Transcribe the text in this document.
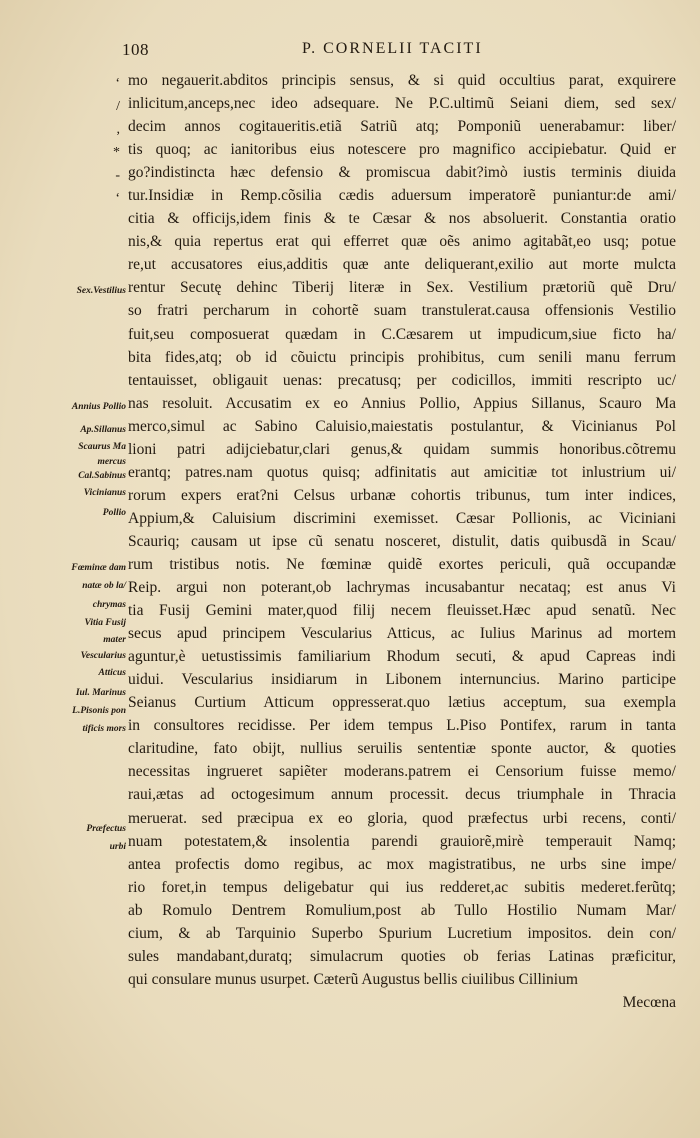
108	P. CORNELII TACITI
ʻ
/
,
*
-
ʻ
Sex.Vestilius
Annius Pollio
Ap.Sillanus
Scaurus Ma
mercus
Cal.Sabinus
Vicinianus
Pollio
Fœminæ dam
natæ ob la/
chrymas
Vitia Fusij
mater
Vescularius
Atticus
Iul. Marinus
L.Pisonis pon
tificis mors
Præfectus
urbi
mo negauerit.abditos principis sensus, & si quid occultius parat, exquirere
inlicitum,anceps,nec ideo adsequare. Ne P.C.ultimũ Seiani diem, sed sex/
decim annos cogitaueritis.etiã Satriũ atq; Pomponiũ uenerabamur: liber/
tis quoq; ac ianitoribus eius notescere pro magnifico accipiebatur. Quid er
go?indistincta hæc defensio & promiscua dabit?imò iustis terminis diuida
tur.Insidiæ in Remp.cõsilia cædis aduersum imperatorẽ puniantur:de ami/
citia & officijs,idem finis & te Cæsar & nos absoluerit. Constantia oratio
nis,& quia repertus erat qui efferret quæ oẽs animo agitabãt,eo usq; potue
re,ut accusatores eius,additis quæ ante deliquerant,exilio aut morte mulcta
rentur Secutę dehinc Tiberij literæ in Sex. Vestilium prætoriũ quẽ Dru/
so fratri percharum in cohortẽ suam transtulerat.causa offensionis Vestilio
fuit,seu composuerat quædam in C.Cæsarem ut impudicum,siue ficto ha/
bita fides,atq; ob id cõuictu principis prohibitus, cum senili manu ferrum
tentauisset, obligauit uenas: precatusq; per codicillos, immiti rescripto uc/
nas resoluit. Accusatim ex eo Annius Pollio, Appius Sillanus, Scauro Ma
merco,simul ac Sabino Caluisio,maiestatis postulantur, & Vicinianus Pol
lioni patri adijciebatur,clari genus,& quidam summis honoribus.cõtremu
erantq; patres.nam quotus quisq; adfinitatis aut amicitiæ tot inlustrium ui/
rorum expers erat?ni Celsus urbanæ cohortis tribunus, tum inter indices,
Appium,& Caluisium discrimini exemisset. Cæsar Pollionis, ac Viciniani
Scauriq; causam ut ipse cũ senatu nosceret, distulit, datis quibusdã in Scau/
rum tristibus notis. Ne fœminæ quidẽ exortes periculi, quã occupandæ
Reip. argui non poterant,ob lachrymas incusabantur necataq; est anus Vi
tia Fusij Gemini mater,quod filij necem fleuisset.Hæc apud senatũ. Nec
secus apud principem Vescularius Atticus, ac Iulius Marinus ad mortem
aguntur,è uetustissimis familiarium Rhodum secuti, & apud Capreas indi
uidui. Vescularius insidiarum in Libonem internuncius. Marino participe
Seianus Curtium Atticum oppresserat.quo lætius acceptum, sua exempla
in consultores recidisse. Per idem tempus L.Piso Pontifex, rarum in tanta
claritudine, fato obijt, nullius seruilis sententiæ sponte auctor, & quoties
necessitas ingrueret sapiẽter moderans.patrem ei Censorium fuisse memo/
raui,ætas ad octogesimum annum processit. decus triumphale in Thracia
meruerat. sed præcipua ex eo gloria, quod præfectus urbi recens, conti/
nuam potestatem,& insolentia parendi grauiorẽ,mirè temperauit Namq;
antea profectis domo regibus, ac mox magistratibus, ne urbs sine impe/
rio foret,in tempus deligebatur qui ius redderet,ac subitis mederet.ferũtq;
ab Romulo Dentrem Romulium,post ab Tullo Hostilio Numam Mar/
cium, & ab Tarquinio Superbo Spurium Lucretium impositos. dein con/
sules mandabant,duratq; simulacrum quoties ob ferias Latinas præficitur,
qui consulare munus usurpet. Cæterũ Augustus bellis ciuilibus Cillinium
Mecœna
